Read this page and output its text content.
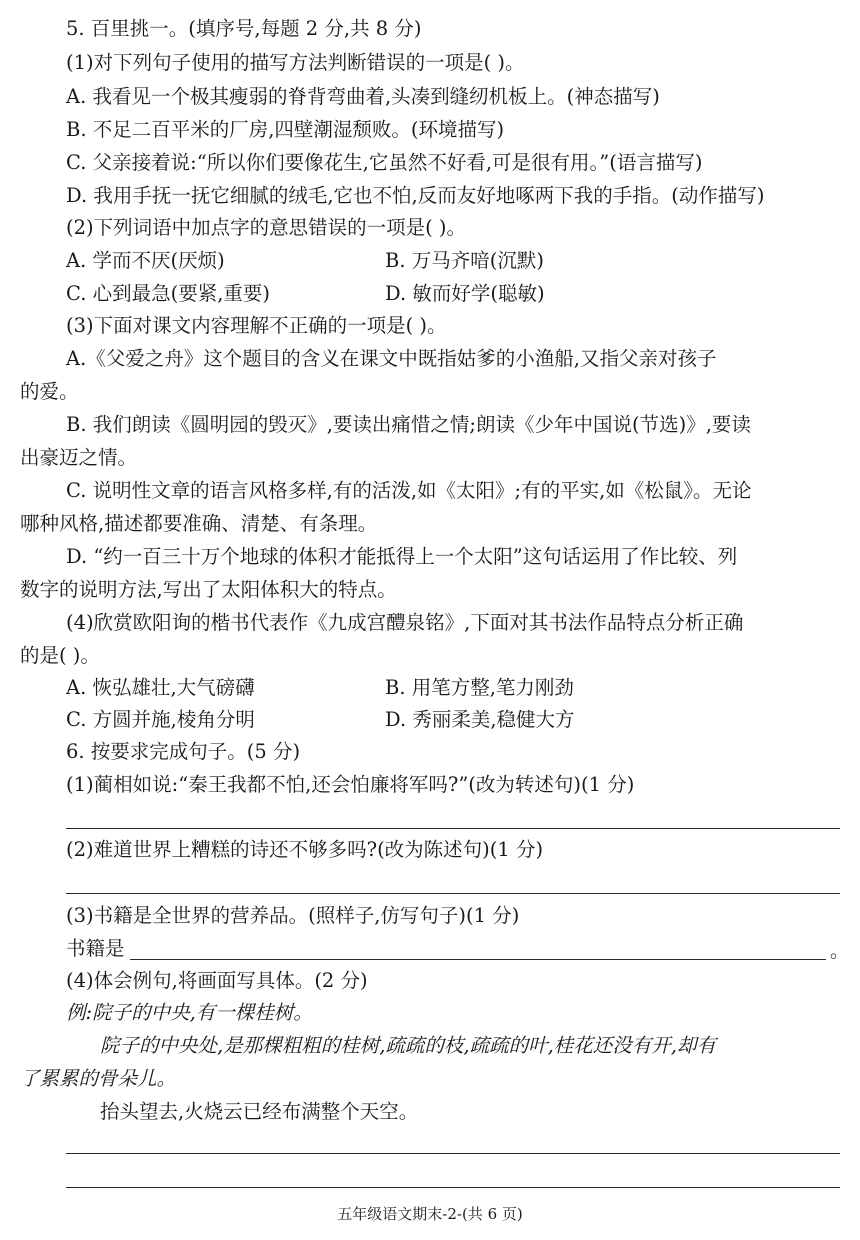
5. 百里挑一。(填序号,每题 2 分,共 8 分)
(1)对下列句子使用的描写方法判断错误的一项是( )。
A. 我看见一个极其瘦弱的脊背弯曲着,头凑到缝纫机板上。(神态描写)
B. 不足二百平米的厂房,四壁潮湿颓败。(环境描写)
C. 父亲接着说:“所以你们要像花生,它虽然不好看,可是很有用。”(语言描写)
D. 我用手抚一抚它细腻的绒毛,它也不怕,反而友好地啄两下我的手指。(动作描写)
(2)下列词语中加点字的意思错误的一项是( )。
A. 学而不厌(厌烦)	B. 万马齐喑(沉默)
C. 心到最急(要紧,重要)	D. 敏而好学(聪敏)
(3)下面对课文内容理解不正确的一项是( )。
A.《父爱之舟》这个题目的含义在课文中既指姑爹的小渔船,又指父亲对孩子
的爱。
B. 我们朗读《圆明园的毁灭》,要读出痛惜之情;朗读《少年中国说(节选)》,要读
出豪迈之情。
C. 说明性文章的语言风格多样,有的活泼,如《太阳》;有的平实,如《松鼠》。无论
哪种风格,描述都要准确、清楚、有条理。
D. “约一百三十万个地球的体积才能抵得上一个太阳”这句话运用了作比较、列
数字的说明方法,写出了太阳体积大的特点。
(4)欣赏欧阳询的楷书代表作《九成宫醴泉铭》,下面对其书法作品特点分析正确
的是( )。
A. 恢弘雄壮,大气磅礴	B. 用笔方整,笔力刚劲
C. 方圆并施,棱角分明	D. 秀丽柔美,稳健大方
6. 按要求完成句子。(5 分)
(1)蔺相如说:“秦王我都不怕,还会怕廉将军吗?”(改为转述句)(1 分)
(2)难道世界上糟糕的诗还不够多吗?(改为陈述句)(1 分)
(3)书籍是全世界的营养品。(照样子,仿写句子)(1 分)
书籍是	。
(4)体会例句,将画面写具体。(2 分)
例:院子的中央,有一棵桂树。
院子的中央处,是那棵粗粗的桂树,疏疏的枝,疏疏的叶,桂花还没有开,却有
了累累的骨朵儿。
抬头望去,火烧云已经布满整个天空。
五年级语文期末-2-(共 6 页)
